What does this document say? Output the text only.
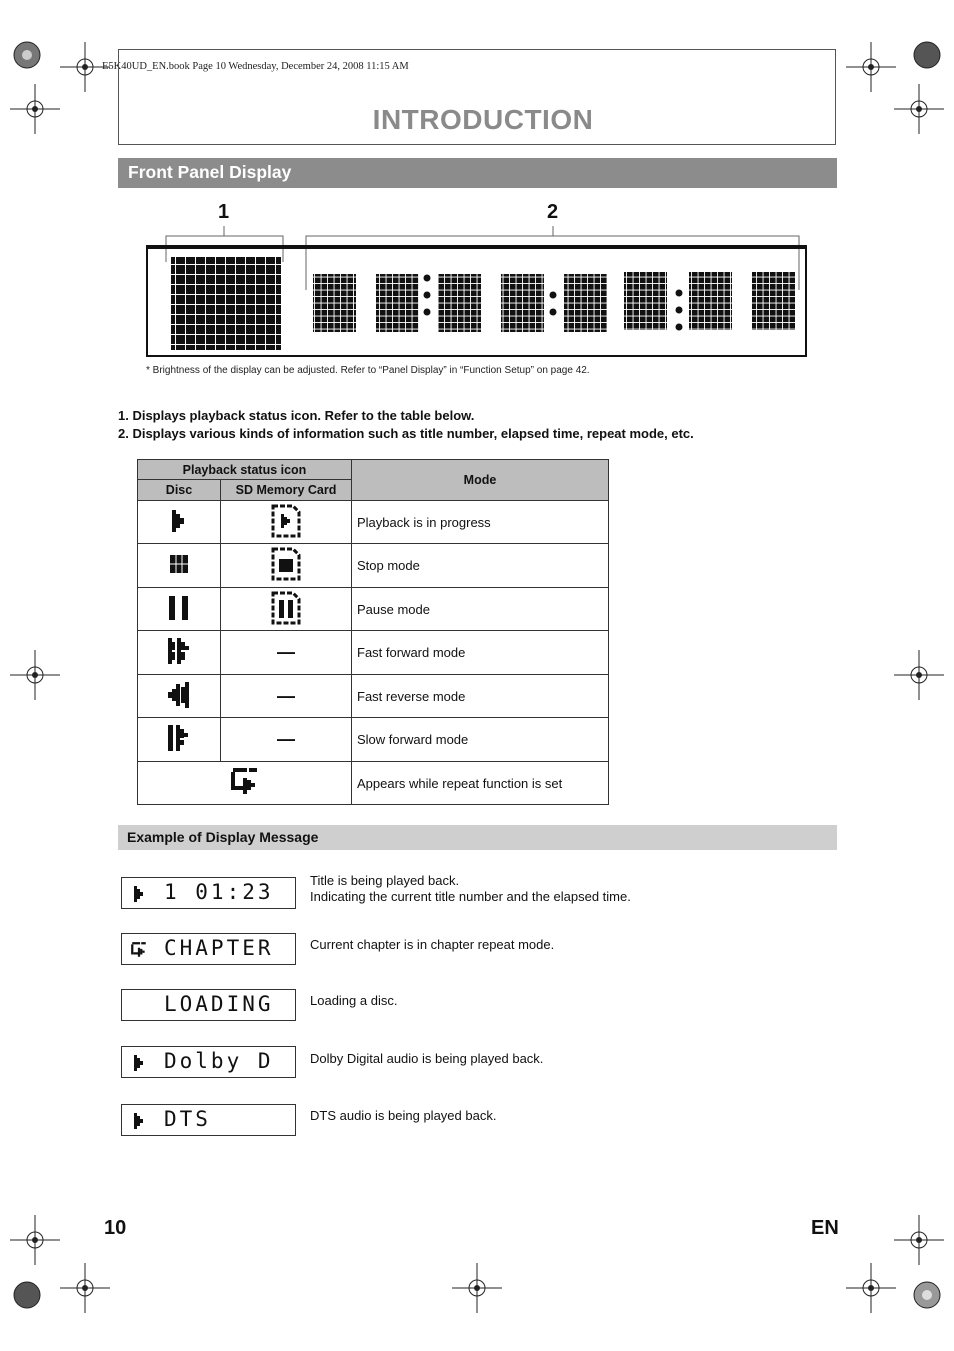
E5K40UD_EN.book Page 10 Wednesday, December 24, 2008 11:15 AM
INTRODUCTION
Front Panel Display
1	2
* Brightness of the display can be adjusted. Refer to “Panel Display” in “Function Setup” on page 42.
1. Displays playback status icon. Refer to the table below.
2. Displays various kinds of information such as title number, elapsed time, repeat mode, etc.
Playback status icon		Mode
Disc	SD Memory Card	
		Playback is in progress
		Stop mode
		Pause mode
	—	Fast forward mode
	—	Fast reverse mode
	—	Slow forward mode
	Appears while repeat function is set
Example of Display Message
1 01:23	Title is being played back.
Indicating the current title number and the elapsed time.
CHAPTER	Current chapter is in chapter repeat mode.
LOADING	Loading a disc.
Dolby D	Dolby Digital audio is being played back.
DTS	DTS audio is being played back.
10	EN
